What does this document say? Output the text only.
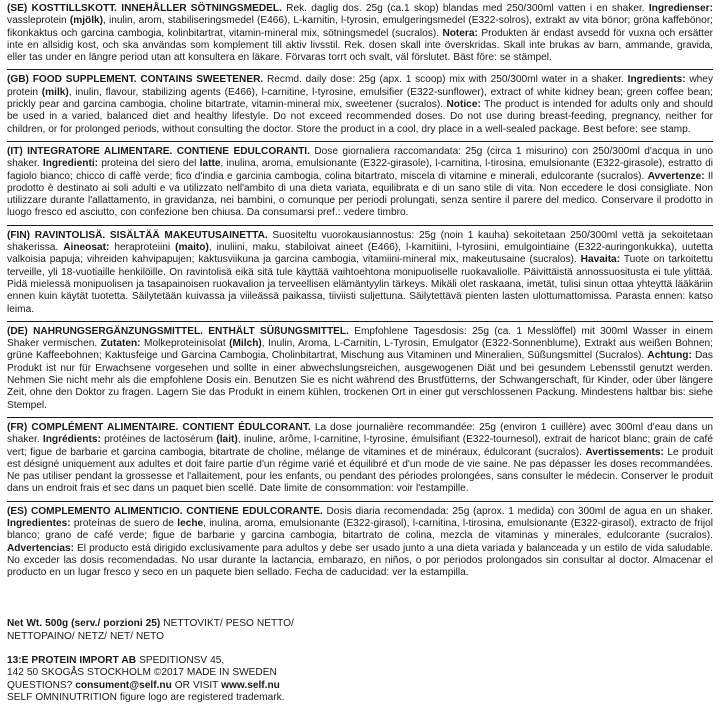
(SE) KOSTTILLSKOTT. INNEHÅLLER SÖTNINGSMEDEL. Rek. daglig dos. 25g (ca.1 skop) blandas med 250/300ml vatten i en shaker. Ingredienser: vassleprotein (mjölk), inulin, arom, stabiliseringsmedel (E466), L-karnitin, l-tyrosin, emulgeringsmedel (E322-solros), extrakt av vita bönor; gröna kaffebönor; fikonkaktus och garcina cambogia, kolinbitartrat, vitamin-mineral mix, sötningsmedel (sucralos). Notera: Produkten är endast avsedd för vuxna och ersätter inte en allsidig kost, och ska användas som komplement till aktiv livsstil. Rek. dosen skall inte överskridas. Skall inte brukas av barn, ammande, gravida, eller tas under en längre period utan att konsultera en läkare. Förvaras torrt och svalt, väl förslutet. Bäst före: se stämpel.

(GB) FOOD SUPPLEMENT. CONTAINS SWEETENER. Recmd. daily dose: 25g (apx. 1 scoop) mix with 250/300ml water in a shaker. Ingredients: whey protein (milk), inulin, flavour, stabilizing agents (E466), l-carnitine, l-tyrosine, emulsifier (E322-sunflower), extract of white kidney bean; green coffee bean; prickly pear and garcina cambogia, choline bitartrate, vitamin-mineral mix, sweetener (sucralos). Notice: The product is intended for adults only and should be used in a varied, balanced diet and healthy lifestyle. Do not exceed recommended doses. Do not use during breast-feeding, pregnancy, neither for children, or for prolonged periods, without consulting the doctor. Store the product in a cool, dry place in a well-sealed package. Best before: see stamp.

(IT) INTEGRATORE ALIMENTARE. CONTIENE EDULCORANTI. Dose giornaliera raccomandata: 25g (circa 1 misurino) con 250/300ml d'acqua in uno shaker. Ingredienti: proteina del siero del latte, inulina, aroma, emulsionante (E322-girasole), l-carnitina, l-tirosina, emulsionante (E322-girasole), estratto di fagiolo bianco; chicco di caffè verde; fico d'india e garcinia cambogia, colina bitartrato, miscela di vitamine e minerali, edulcorante (sucralos). Avvertenze: Il prodotto è destinato ai soli adulti e va utilizzato nell'ambito di una dieta variata, equilibrata e di un sano stile di vita. Non eccedere le dosi consigliate. Non utilizzare durante l'allattamento, in gravidanza, nei bambini, o comunque per periodi prolungati, senza sentire il parere del medico. Conservare il prodotto in luogo fresco ed asciutto, con confezione ben chiusa. Da consumarsi pref.: vedere timbro.

(FIN) RAVINTOLISÄ. SISÄLTÄÄ MAKEUTUSAINETTA. Suositeltu vuorokausiannostus: 25g (noin 1 kauha) sekoitetaan 250/300ml vettä ja sekoitetaan shakerissa. Aineosat: heraproteiini (maito), inuliini, maku, stabiloivat aineet (E466), l-karnitiini, l-tyrosiini, emulgointiaine (E322-auringonkukka), uutetta valkoisia papuja; vihreiden kahvipapujen; kaktusviikuna ja garcina cambogia, vitamiini-mineral mix, makeutusaine (sucralos). Havaita: Tuote on tarkoitettu terveille, yli 18-vuotiaille henkilöille. On ravintolisä eikä sitä tule käyttää vaihtoehtona monipuoliselle ruokavaliolle. Päivittäistä annossuositusta ei tule ylittää. Pidä mielessä monipuolisen ja tasapainoisen ruokavalion ja terveellisen elämäntyylin tärkeys. Mikäli olet raskaana, imetät, tulisi sinun ottaa yhteyttä lääkäriin ennen kuin käytät tuotetta. Säilytetään kuivassa ja viileässä paikassa, tiiviisti suljettuna. Säilytettävä pienten lasten ulottumattomissa. Parasta ennen: katso leima.

(DE) NAHRUNGSERGÄNZUNGSMITTEL. ENTHÄLT SÜßUNGSMITTEL. Empfohlene Tagesdosis: 25g (ca. 1 Messlöffel) mit 300ml Wasser in einem Shaker vermischen. Zutaten: Molkeproteinisolat (Milch), Inulin, Aroma, L-Carnitin, L-Tyrosin, Emulgator (E322-Sonnenblume), Extrakt aus weißen Bohnen; grüne Kaffeebohnen; Kaktusfeige und Garcina Cambogia, Cholinbitartrat, Mischung aus Vitaminen und Mineralien, Süßungsmittel (Sucralos). Achtung: Das Produkt ist nur für Erwachsene vorgesehen und sollte in einer abwechslungsreichen, ausgewogenen Diät und bei gesundem Lebensstil genutzt werden. Nehmen Sie nicht mehr als die empfohlene Dosis ein. Benutzen Sie es nicht während des Brustfütterns, der Schwangerschaft, für Kinder, oder über längere Zeit, ohne den Doktor zu fragen. Lagern Sie das Produkt in einem kühlen, trockenen Ort in einer gut verschlossenen Packung. Mindestens haltbar bis: siehe Stempel.

(FR) COMPLÉMENT ALIMENTAIRE. CONTIENT ÉDULCORANT. La dose journalière recommandée: 25g (environ 1 cuillère) avec 300ml d'eau dans un shaker. Ingrédients: protéines de lactosérum (lait), inuline, arôme, l-carnitine, l-tyrosine, émulsifiant (E322-tournesol), extrait de haricot blanc; grain de café vert; figue de barbarie et garcina cambogia, bitartrate de choline, mélange de vitamines et de minéraux, édulcorant (sucralos). Avertissements: Le produit est désigné uniquement aux adultes et doit faire partie d'un régime varié et équilibré et d'un mode de vie saine. Ne pas dépasser les doses recommandées. Ne pas utiliser pendant la grossesse et l'allaitement, pour les enfants, ou pendant des périodes prolongées, sans consulter le médecin. Conserver le produit dans un endroit frais et sec dans un paquet bien scellé. Date limite de consommation: voir l'estampille.

(ES) COMPLEMENTO ALIMENTICIO. CONTIENE EDULCORANTE. Dosis diaria recomendada: 25g (aprox. 1 medida) con 300ml de agua en un shaker. Ingredientes: proteínas de suero de leche, inulina, aroma, emulsionante (E322-girasol), l-carnitina, l-tirosina, emulsionante (E322-girasol), extracto de frijol blanco; grano de café verde; figue de barbarie y garcina cambogia, bitartrato de colina, mezcla de vitaminas y minerales, edulcorante (sucralos). Advertencias: El producto está dirigido exclusivamente para adultos y debe ser usado junto a una dieta variada y balanceada y un estilo de vida saludable. No exceder las dosis recomendadas. No usar durante la lactancia, embarazo, en niños, o por periodos prolongados sin consultar al doctor. Almacenar el producto en un lugar fresco y seco en un paquete bien sellado. Fecha de caducidad: ver la estampilla.

Net Wt. 500g (serv./ porzioni 25) NETTOVIKT/ PESO NETTO/

NETTOPAINO/ NETZ/ NET/ NETO

13:E PROTEIN IMPORT AB SPEDITIONSV 45,

142 50 SKOGÅS STOCKHOLM ©2017 MADE IN SWEDEN

QUESTIONS? consument@self.nu OR VISIT www.self.nu

SELF OMNINUTRITION figure logo are registered trademark.
